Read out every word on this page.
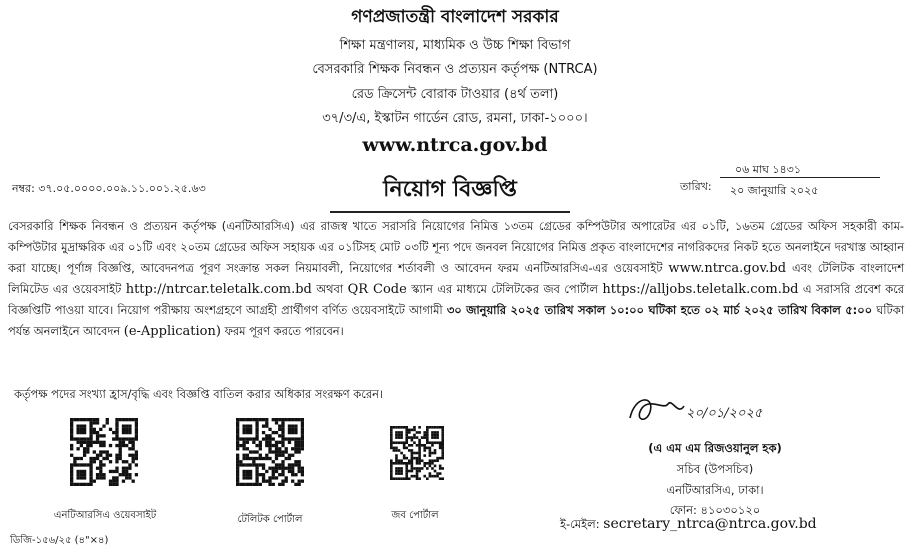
গণপ্রজাতন্ত্রী বাংলাদেশ সরকার
শিক্ষা মন্ত্রণালয়, মাধ্যমিক ও উচ্চ শিক্ষা বিভাগ
বেসরকারি শিক্ষক নিবন্ধন ও প্রত্যয়ন কর্তৃপক্ষ (NTRCA)
রেড ক্রিসেন্ট বোরাক টাওয়ার (৪র্থ তলা)
৩৭/৩/এ, ইস্কাটন গার্ডেন রোড, রমনা, ঢাকা-১০০০।
www.ntrca.gov.bd
নম্বর: ৩৭.০৫.০০০০.০০৯.১১.০০১.২৫.৬৩	নিয়োগ বিজ্ঞপ্তি	তারিখ:
০৬ মাঘ ১৪৩১
২০ জানুয়ারি ২০২৫
বেসরকারি শিক্ষক নিবন্ধন ও প্রত্যয়ন কর্তৃপক্ষ (এনটিআরসিএ) এর রাজস্ব খাতে সরাসরি নিয়োগের নিমিত্ত ১৩তম গ্রেডের কম্পিউটার অপারেটর এর ০১টি, ১৬তম গ্রেডের অফিস সহকারী কাম-কম্পিউটার মুদ্রাক্ষরিক এর ০১টি এবং ২০তম গ্রেডের অফিস সহায়ক এর ০১টিসহ মোট ০৩টি শূন্য পদে জনবল নিয়োগের নিমিত্ত প্রকৃত বাংলাদেশের নাগরিকদের নিকট হতে অনলাইনে দরখাস্ত আহ্বান করা যাচ্ছে। পূর্ণাঙ্গ বিজ্ঞপ্তি, আবেদনপত্র পূরণ সংক্রান্ত সকল নিয়মাবলী, নিয়োগের শর্তাবলী ও আবেদন ফরম এনটিআরসিএ-এর ওয়েবসাইট www.ntrca.gov.bd এবং টেলিটক বাংলাদেশ লিমিটেড এর ওয়েবসাইট http://ntrcar.teletalk.com.bd অথবা QR Code স্ক্যান এর মাধ্যমে টেলিটকের জব পোর্টাল https://alljobs.teletalk.com.bd এ সরাসরি প্রবেশ করে বিজ্ঞপ্তিটি পাওয়া যাবে। নিয়োগ পরীক্ষায় অংশগ্রহণে আগ্রহী প্রার্থীগণ বর্ণিত ওয়েবসাইটে আগামী ৩০ জানুয়ারি ২০২৫ তারিখ সকাল ১০:০০ ঘটিকা হতে ০২ মার্চ ২০২৫ তারিখ বিকাল ৫:০০ ঘটিকা পর্যন্ত অনলাইনে আবেদন (e-Application) ফরম পূরণ করতে পারবেন।
কর্তৃপক্ষ পদের সংখ্যা হ্রাস/বৃদ্ধি এবং বিজ্ঞপ্তি বাতিল করার অধিকার সংরক্ষণ করেন।
এনটিআরসিএ ওয়েবসাইট	টেলিটক পোর্টাল	জব পোর্টাল
২০/০১/২০২৫
(এ এম এম রিজওয়ানুল হক)
সচিব (উপসচিব)
এনটিআরসিএ, ঢাকা।
ফোন: ৪১০৩০১২০
ই-মেইল: secretary_ntrca@ntrca.gov.bd
ডিজি-১৫৬/২৫ (৪"×৪)
